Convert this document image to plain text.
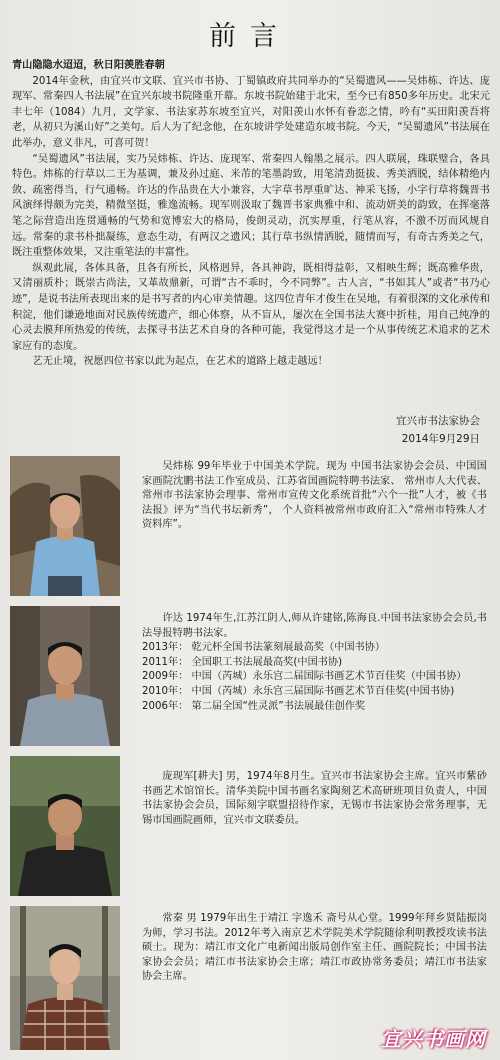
前言

青山隐隐水迢迢，秋日阳羡胜春朝

2014年金秋，由宜兴市文联、宜兴市书协、丁蜀镇政府共同举办的“吴蜀遗风——吴炜栋、许达、庞现军、常秦四人书法展”在宜兴东坡书院隆重开幕。东坡书院始建于北宋，至今已有850多年历史。北宋元丰七年（1084）九月，文学家、书法家苏东坡至宜兴，对阳羡山水怀有眷恋之情，吟有“买田阳羡吾将老，从初只为溪山好”之美句。后人为了纪念他，在东坡讲学处建造东坡书院。今天，“吴蜀遗风”书法展在此举办，意义非凡，可喜可贺！

“吴蜀遗风”书法展，实乃吴炜栋、许达、庞现军、常秦四人翰墨之展示。四人联展，珠联璧合，各具特色。炜栋的行草以二王为基调，兼及孙过庭、米芾的笔墨韵致，用笔清劲挺拔、秀美洒脱，结体精绝内敛、疏密得当，行气通畅。许达的作品贵在大小兼容，大字草书厚重旷达、神采飞扬，小字行草将魏晋书风演绎得颇为完美，精微坚挺，雅逸流畅。现军则汲取了魏晋书家典雅中和、流动妍美的韵致，在挥毫落笔之际营造出连贯通畅的气势和宽博宏大的格局，俊朗灵动，沉实厚重，行笔从容，不激不厉而风规自远。常秦的隶书朴拙凝练，意态生动，有两汉之遗风；其行草书纵情洒脱，随情而写，有奇古秀美之气，既注重整体效果，又注重笔法的丰富性。

纵观此展，各体具备，且各有所长，风格迥异，各具神韵，既相得益彰，又相映生辉；既高雅华贵，又清丽质朴；既崇古尚法，又革故鼎新，可谓“古不乖时，今不同弊”。古人言，“书如其人”或者“书乃心迹”，是说书法所表现出来的是书写者的内心审美情趣。这四位青年才俊生在吴地，有着很深的文化承传和积淀，他们谦逊地面对民族传统遗产，细心体察，从不盲从，屡次在全国书法大赛中折桂，用自己纯净的心灵去膜拜所热爱的传统，去探寻书法艺术自身的各种可能，我觉得这才是一个从事传统艺术追求的艺术家应有的态度。

艺无止境，祝愿四位书家以此为起点，在艺术的道路上越走越远！

宜兴市书法家协会
2014年9月29日

吴炜栋 99年毕业于中国美术学院。现为 中国书法家协会会员、中国国家画院沈鹏书法工作室成员、江苏省国画院特聘书法家、 常州市人大代表、 常州市书法家协会理事、常州市宣传文化系统首批“六个一批”人才，被《书法报》评为“当代书坛新秀”， 个人资料被常州市政府汇入“常州市特殊人才资料库”。

许达 1974年生,江苏江阴人,师从许建铭,陈海良.中国书法家协会会员,书法导报特聘书法家。

2013年： 乾元杯全国书法篆刻展最高奖（中国书协）
2011年： 全国职工书法展最高奖(中国书协)
2009年： 中国（芮城）永乐宫二届国际书画艺术节百佳奖（中国书协）
2010年： 中国（芮城）永乐宫三届国际书画艺术节百佳奖(中国书协)
2006年： 第二届全国“性灵派”书法展最佳创作奖

庞现军[耕夫] 男，1974年8月生。宜兴市书法家协会主席。宜兴市紫砂书画艺术馆馆长。清华美院中国书画名家陶刻艺术高研班项目负责人，中国书法家协会会员，国际刻字联盟招待作家，无锡市书法家协会常务理事，无锡市国画院画师，宜兴市文联委员。

常秦 男 1979年出生于靖江 字逸禾 斋号从心堂。1999年拜乡贤陆振岗为师，学习书法。2012年考入南京艺术学院美术学院随徐利明教授攻读书法硕士。现为：靖江市文化广电新闻出版局创作室主任、画院院长；中国书法家协会会员；靖江市书法家协会主席；靖江市政协常务委员；靖江市书法家协会主席。

宜兴书画网
